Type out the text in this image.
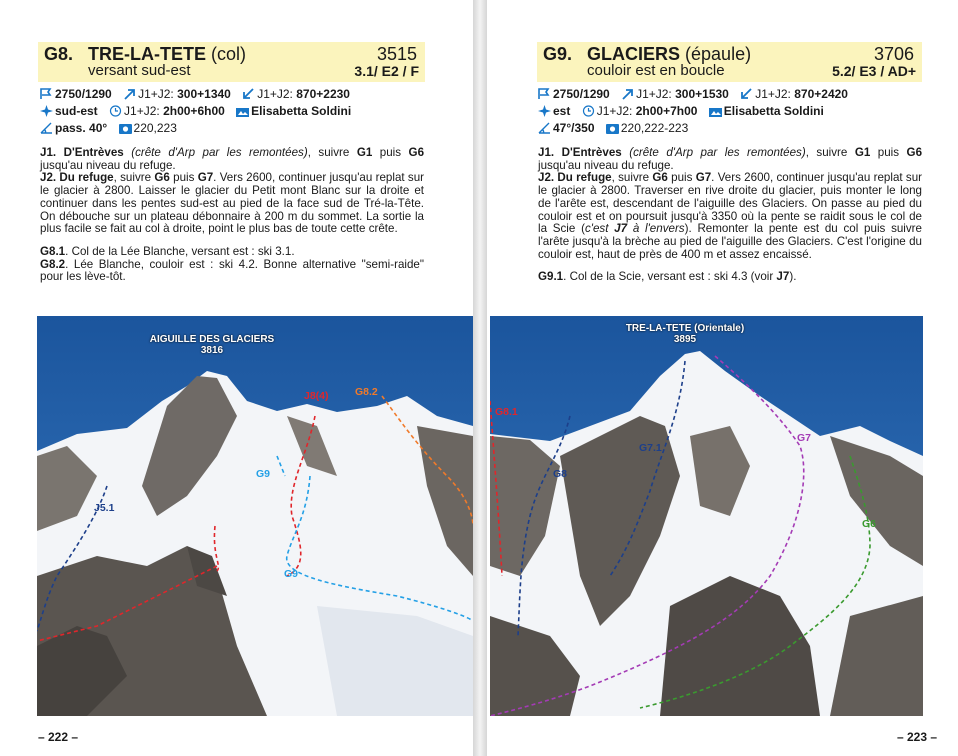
G8. TRE-LA-TETE (col)
versant sud-est
3515
3.1/ E2 / F
2750/1290 J1+J2: 300+1340 J1+J2: 870+2230
sud-est J1+J2: 2h00+6h00 Elisabetta Soldini
pass. 40° 220,223

J1. D'Entrèves (crête d'Arp par les remontées), suivre G1 puis G6 jusqu'au niveau du refuge.
J2. Du refuge, suivre G6 puis G7. Vers 2600, continuer jusqu'au replat sur le glacier à 2800. Laisser le glacier du Petit mont Blanc sur la droite et continuer dans les pentes sud-est au pied de la face sud de Tré-la-Tête. On débouche sur un plateau débonnaire à 200 m du sommet. La sortie la plus facile se fait au col à droite, point le plus bas de toute cette crête.

G8.1. Col de la Lée Blanche, versant est : ski 3.1.
G8.2. Lée Blanche, couloir est : ski 4.2. Bonne alternative "semi-raide" pour les lève-tôt.

AIGUILLE DES GLACIERS
3816
J8(4)	G8.2
G9
G9
J5.1
– 222 –
G9. GLACIERS (épaule)
couloir est en boucle
3706
5.2/ E3 / AD+
2750/1290 J1+J2: 300+1530 J1+J2: 870+2420
est J1+J2: 2h00+7h00 Elisabetta Soldini
47°/350 220,222-223

J1. D'Entrèves (crête d'Arp par les remontées), suivre G1 puis G6 jusqu'au niveau du refuge.
J2. Du refuge, suivre G6 puis G7. Vers 2600, continuer jusqu'au replat sur le glacier à 2800. Traverser en rive droite du glacier, puis monter le long de l'arête est, descendant de l'aiguille des Glaciers. On passe au pied du couloir est et on poursuit jusqu'à 3350 où la pente se raidit sous le col de la Scie (c'est J7 à l'envers). Remonter la pente est du col puis suivre l'arête jusqu'à la brèche au pied de l'aiguille des Glaciers. C'est l'origine du couloir est, haut de près de 400 m et assez encaissé.

G9.1. Col de la Scie, versant est : ski 4.3 (voir J7).

TRE-LA-TETE (Orientale)
3895
G8.1
G8
G7.1
G7
G6
– 223 –
